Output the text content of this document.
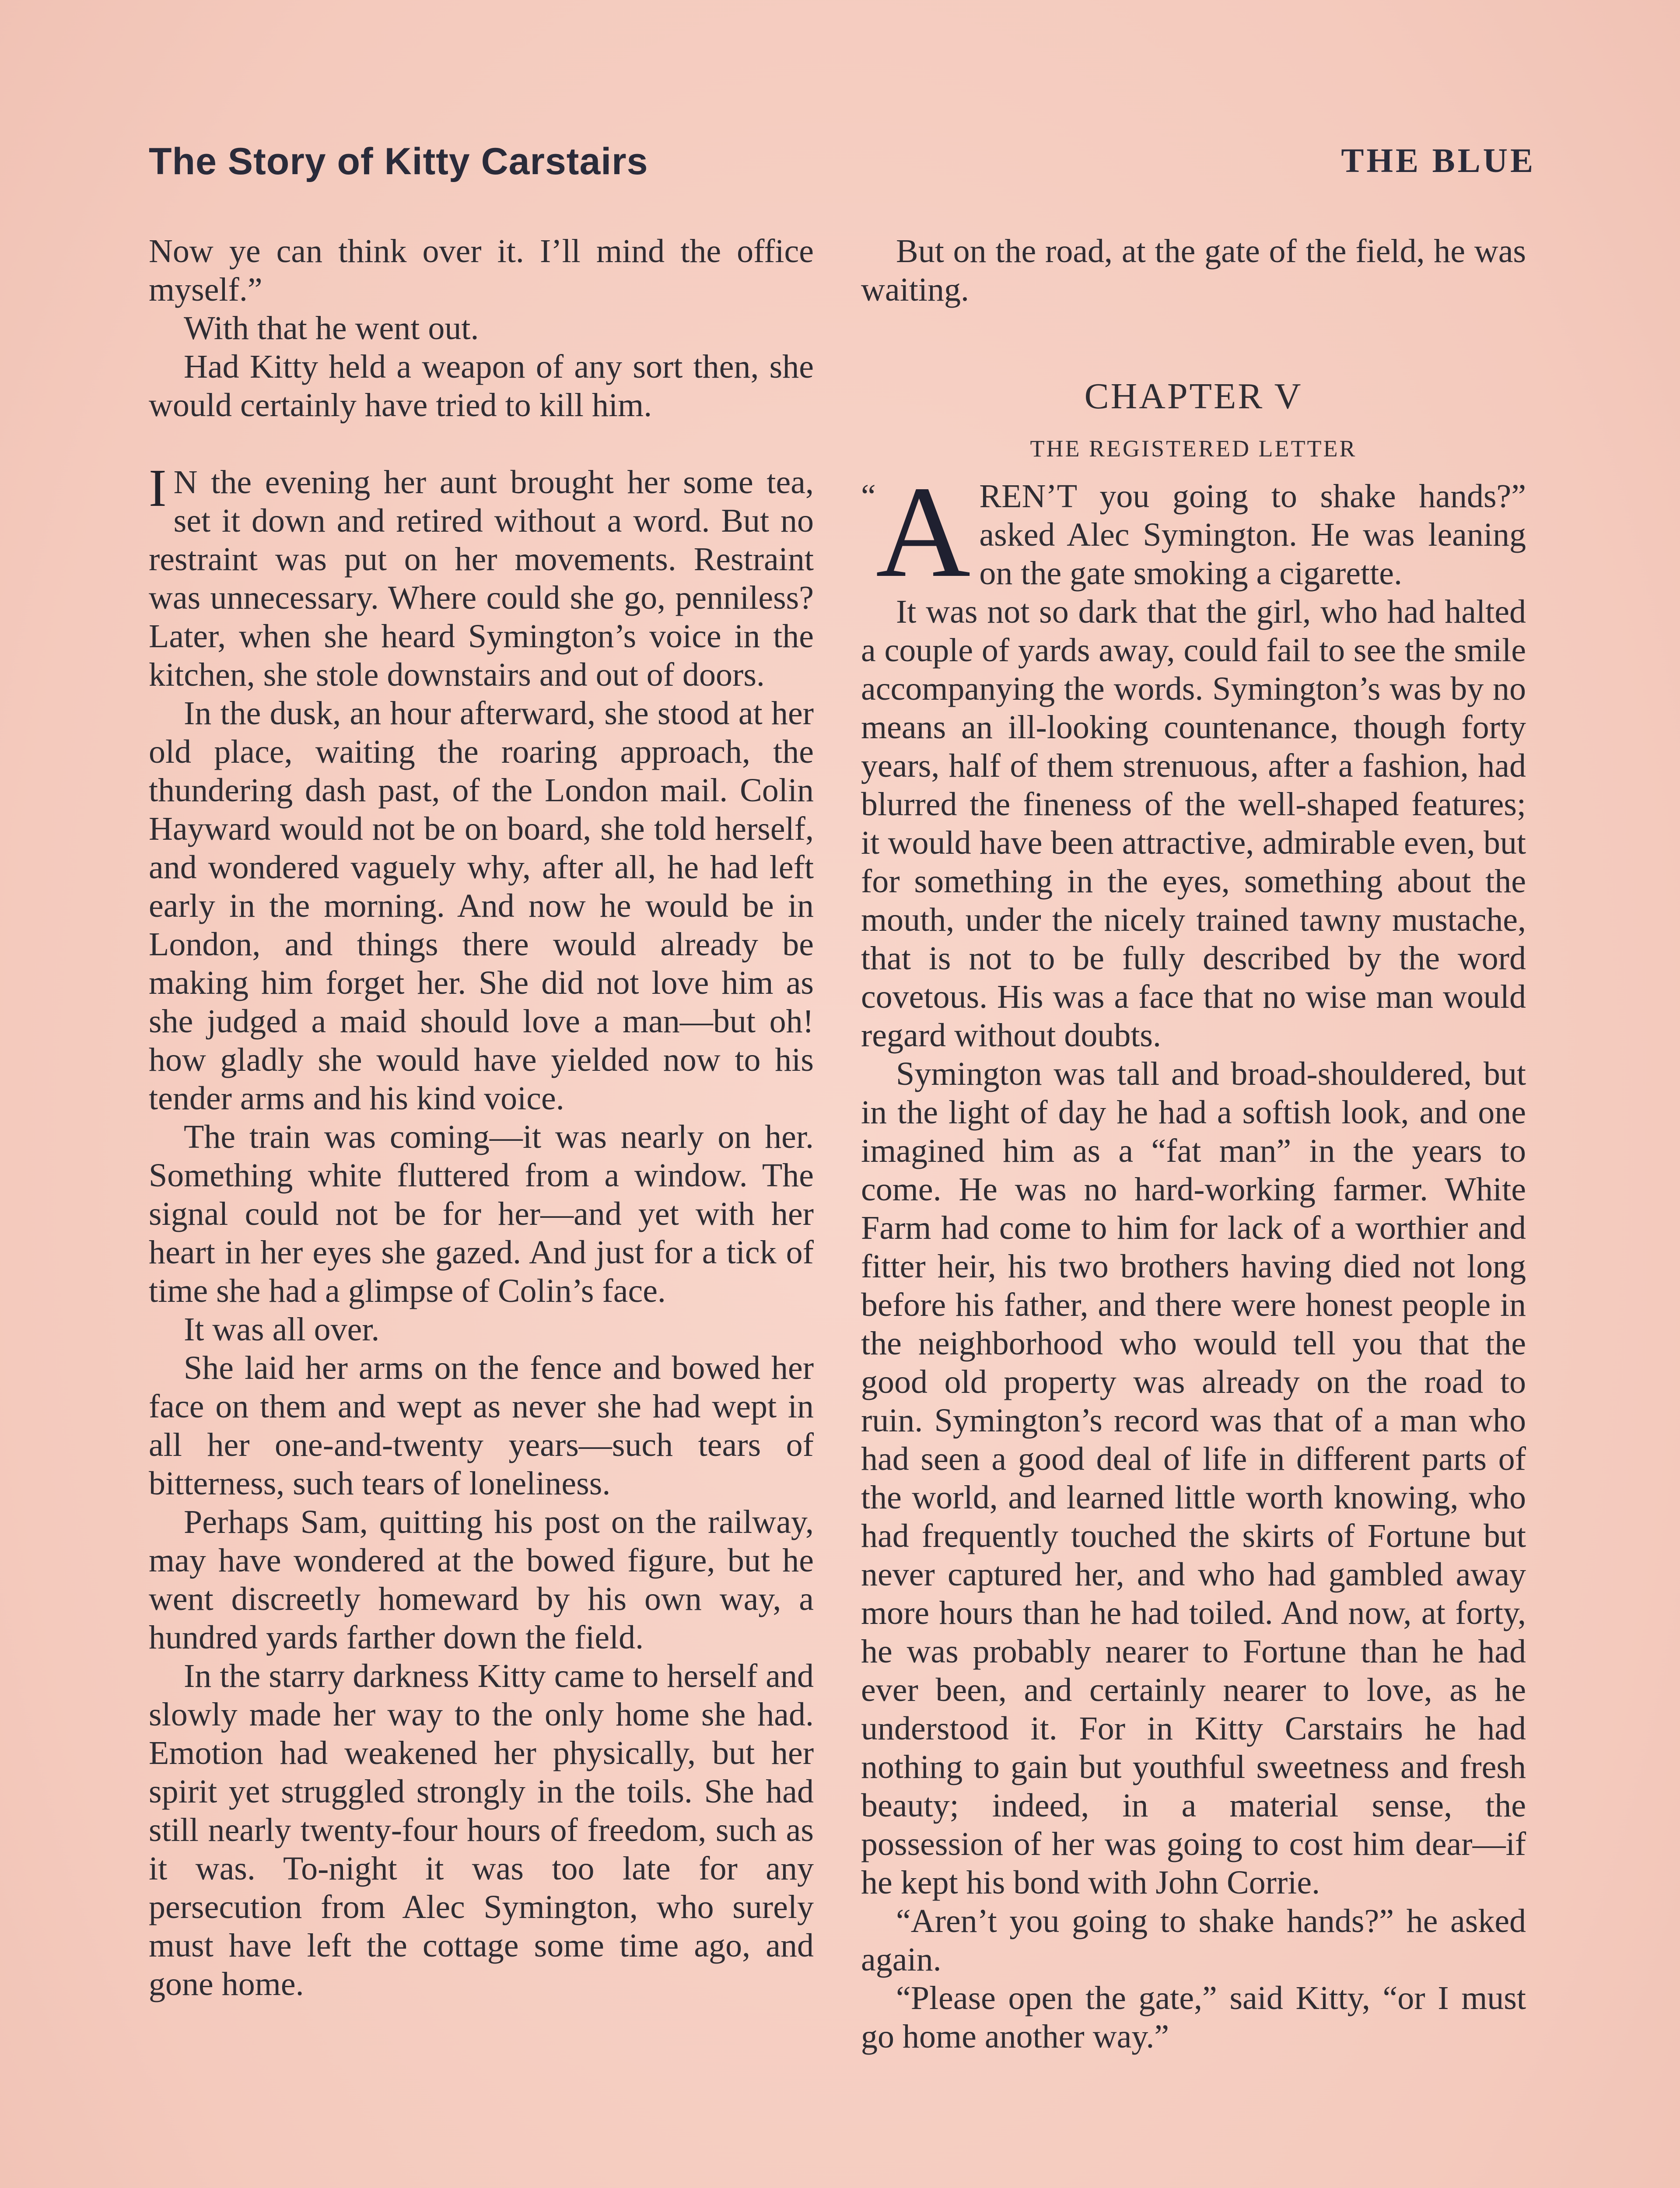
The Story of Kitty Carstairs	THE BLUE

Now ye can think over it. I’ll mind the office myself.”

With that he went out.

Had Kitty held a weapon of any sort then, she would certainly have tried to kill him.

I N the evening her aunt brought her some tea, set it down and retired without a word. But no restraint was put on her movements. Restraint was unnecessary. Where could she go, penniless? Later, when she heard Symington’s voice in the kitchen, she stole downstairs and out of doors.

In the dusk, an hour afterward, she stood at her old place, waiting the roaring approach, the thundering dash past, of the London mail. Colin Hayward would not be on board, she told herself, and wondered vaguely why, after all, he had left early in the morning. And now he would be in London, and things there would already be making him forget her. She did not love him as she judged a maid should love a man—but oh! how gladly she would have yielded now to his tender arms and his kind voice.

The train was coming—it was nearly on her. Something white fluttered from a window. The signal could not be for her—and yet with her heart in her eyes she gazed. And just for a tick of time she had a glimpse of Colin’s face.

It was all over.

She laid her arms on the fence and bowed her face on them and wept as never she had wept in all her one-and-twenty years—such tears of bitterness, such tears of loneliness.

Perhaps Sam, quitting his post on the railway, may have wondered at the bowed figure, but he went discreetly homeward by his own way, a hundred yards farther down the field.

In the starry darkness Kitty came to herself and slowly made her way to the only home she had. Emotion had weakened her physically, but her spirit yet struggled strongly in the toils. She had still nearly twenty-four hours of freedom, such as it was. To-night it was too late for any persecution from Alec Symington, who surely must have left the cottage some time ago, and gone home.

But on the road, at the gate of the field, he was waiting.

CHAPTER V
THE REGISTERED LETTER

“ A REN’T you going to shake hands?” asked Alec Symington. He was leaning on the gate smoking a cigarette.

It was not so dark that the girl, who had halted a couple of yards away, could fail to see the smile accompanying the words. Symington’s was by no means an ill-looking countenance, though forty years, half of them strenuous, after a fashion, had blurred the fineness of the well-shaped features; it would have been attractive, admirable even, but for something in the eyes, something about the mouth, under the nicely trained tawny mustache, that is not to be fully described by the word covetous. His was a face that no wise man would regard without doubts.

Symington was tall and broad-shouldered, but in the light of day he had a softish look, and one imagined him as a “fat man” in the years to come. He was no hard-working farmer. White Farm had come to him for lack of a worthier and fitter heir, his two brothers having died not long before his father, and there were honest people in the neighborhood who would tell you that the good old property was already on the road to ruin. Symington’s record was that of a man who had seen a good deal of life in different parts of the world, and learned little worth knowing, who had frequently touched the skirts of Fortune but never captured her, and who had gambled away more hours than he had toiled. And now, at forty, he was probably nearer to Fortune than he had ever been, and certainly nearer to love, as he understood it. For in Kitty Carstairs he had nothing to gain but youthful sweetness and fresh beauty; indeed, in a material sense, the possession of her was going to cost him dear—if he kept his bond with John Corrie.

“Aren’t you going to shake hands?” he asked again.

“Please open the gate,” said Kitty, “or I must go home another way.”
